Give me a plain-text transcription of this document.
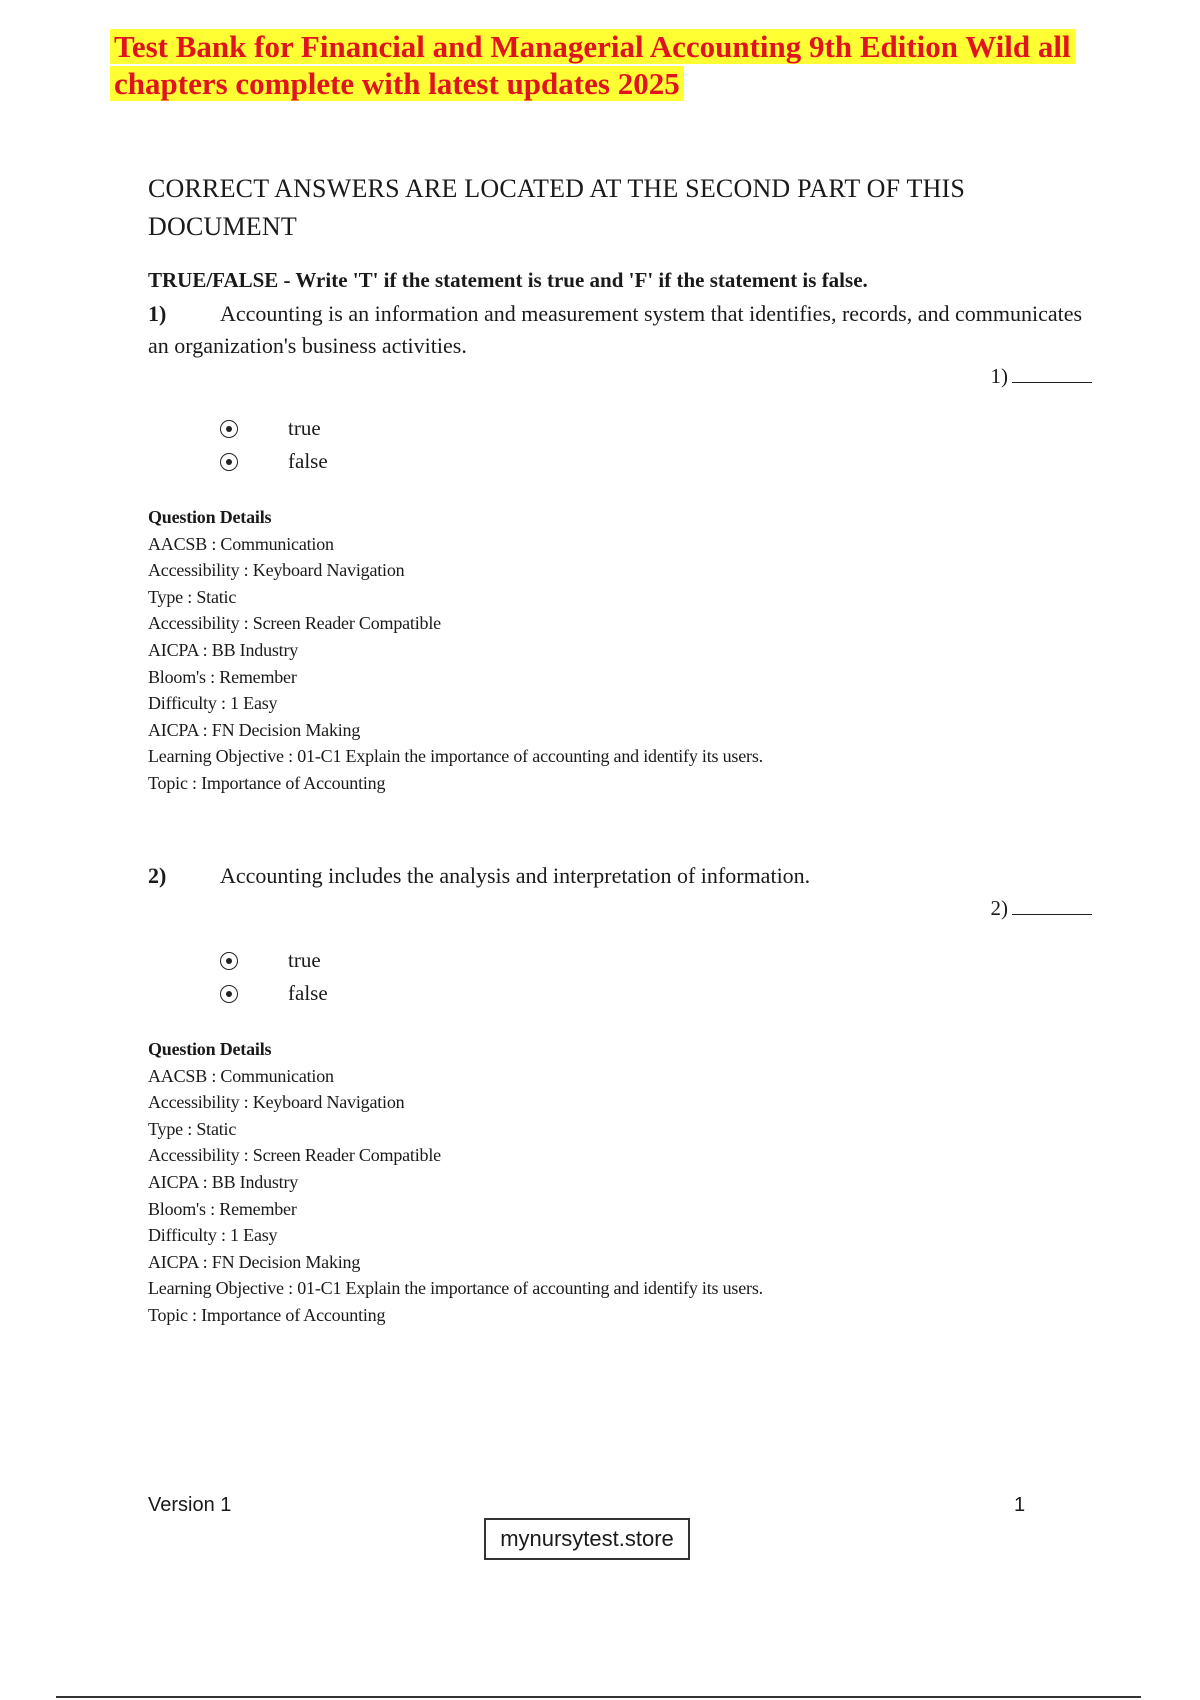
Test Bank for Financial and Managerial Accounting 9th Edition Wild all
chapters complete with latest updates 2025
CORRECT ANSWERS ARE LOCATED AT THE SECOND PART OF THIS DOCUMENT
TRUE/FALSE - Write 'T' if the statement is true and 'F' if the statement is false.
1) Accounting is an information and measurement system that identifies, records, and communicates an organization's business activities.
1)
true
false
Question Details
AACSB : Communication
Accessibility : Keyboard Navigation
Type : Static
Accessibility : Screen Reader Compatible
AICPA : BB Industry
Bloom's : Remember
Difficulty : 1 Easy
AICPA : FN Decision Making
Learning Objective : 01-C1 Explain the importance of accounting and identify its users.
Topic : Importance of Accounting
2) Accounting includes the analysis and interpretation of information.
2)
true
false
Question Details
AACSB : Communication
Accessibility : Keyboard Navigation
Type : Static
Accessibility : Screen Reader Compatible
AICPA : BB Industry
Bloom's : Remember
Difficulty : 1 Easy
AICPA : FN Decision Making
Learning Objective : 01-C1 Explain the importance of accounting and identify its users.
Topic : Importance of Accounting
Version 1	1
mynursytest.store
